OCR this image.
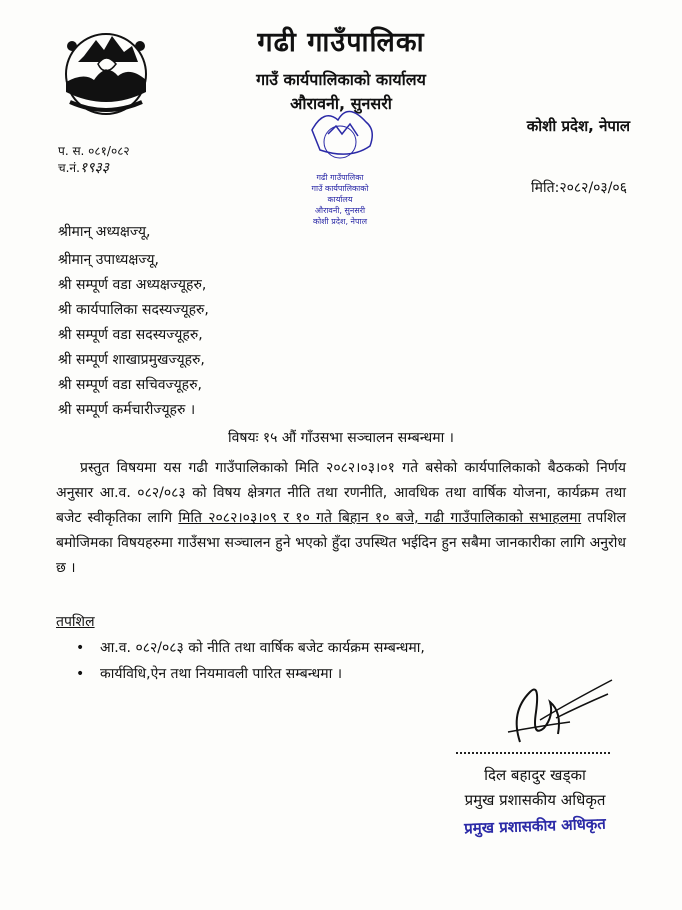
गढी गाउँपालिका
गाउँ कार्यपालिकाको कार्यालय
औरावनी, सुनसरी
कोशी प्रदेश, नेपाल
गढी गाउँपालिका
गाउँ कार्यपालिकाको कार्यालय
औरावनी, सुनसरी
कोशी प्रदेश, नेपाल
प. स. ०८१/०८२
च.नं.१९३३
मिति:२०८२/०३/०६
श्रीमान् अध्यक्षज्यू,
श्रीमान् उपाध्यक्षज्यू,
श्री सम्पूर्ण वडा अध्यक्षज्यूहरु,
श्री कार्यपालिका सदस्यज्यूहरु,
श्री सम्पूर्ण वडा सदस्यज्यूहरु,
श्री सम्पूर्ण शाखाप्रमुखज्यूहरु,
श्री सम्पूर्ण वडा सचिवज्यूहरु,
श्री सम्पूर्ण कर्मचारीज्यूहरु ।
विषयः १५ औं गाँउसभा सञ्चालन सम्बन्धमा ।
प्रस्तुत विषयमा यस गढी गाउँपालिकाको मिति २०८२।०३।०१ गते बसेको कार्यपालिकाको बैठकको निर्णय अनुसार आ.व. ०८२/०८३ को विषय क्षेत्रगत नीति तथा रणनीति, आवधिक तथा वार्षिक योजना, कार्यक्रम तथा बजेट स्वीकृतिका लागि मिति २०८२।०३।०९ र १० गते बिहान १० बजे, गढी गाउँपालिकाको सभाहलमा तपशिल बमोजिमका विषयहरुमा गाउँसभा सञ्चालन हुने भएको हुँदा उपस्थित भईदिन हुन सबैमा जानकारीका लागि अनुरोध छ ।
तपशिल
• आ.व. ०८२/०८३ को नीति तथा वार्षिक बजेट कार्यक्रम सम्बन्धमा,
• कार्यविधि,ऐन तथा नियमावली पारित सम्बन्धमा ।
दिल बहादुर खड्का
प्रमुख प्रशासकीय अधिकृत
प्रमुख प्रशासकीय अधिकृत
